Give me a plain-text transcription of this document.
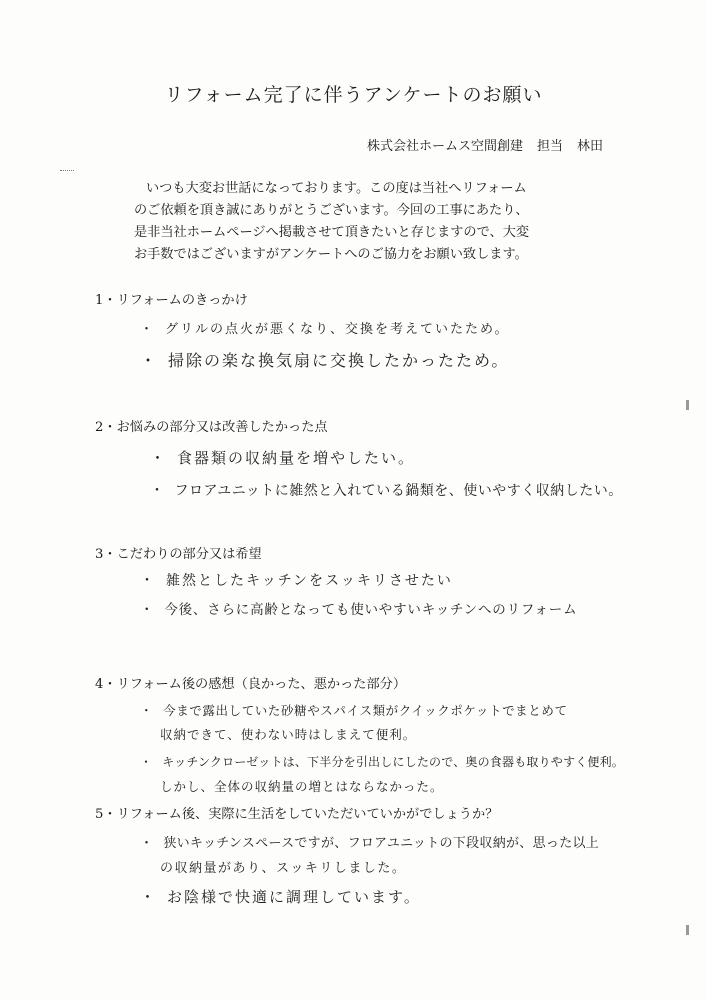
リフォーム完了に伴うアンケートのお願い
株式会社ホームス空間創建 担当 林田
いつも大変お世話になっております。この度は当社へリフォーム
のご依頼を頂き誠にありがとうございます。今回の工事にあたり、
是非当社ホームページへ掲載させて頂きたいと存じますので、大変
お手数ではございますがアンケートへのご協力をお願い致します。
1・リフォームのきっかけ
・ グリルの点火が悪くなり、交換を考えていたため。
・ 掃除の楽な換気扇に交換したかったため。
2・お悩みの部分又は改善したかった点
・ 食器類の収納量を増やしたい。
・ フロアユニットに雑然と入れている鍋類を、使いやすく収納したい。
3・こだわりの部分又は希望
・ 雑然としたキッチンをスッキリさせたい
・ 今後、さらに高齢となっても使いやすいキッチンへのリフォーム
4・リフォーム後の感想（良かった、悪かった部分）
・ 今まで露出していた砂糖やスパイス類がクイックポケットでまとめて
収納できて、使わない時はしまえて便利。
・ キッチンクローゼットは、下半分を引出しにしたので、奥の食器も取りやすく便利。
しかし、全体の収納量の増とはならなかった。
5・リフォーム後、実際に生活をしていただいていかがでしょうか？
・ 狭いキッチンスペースですが、フロアユニットの下段収納が、思った以上
の収納量があり、スッキリしました。
・ お陰様で快適に調理しています。
